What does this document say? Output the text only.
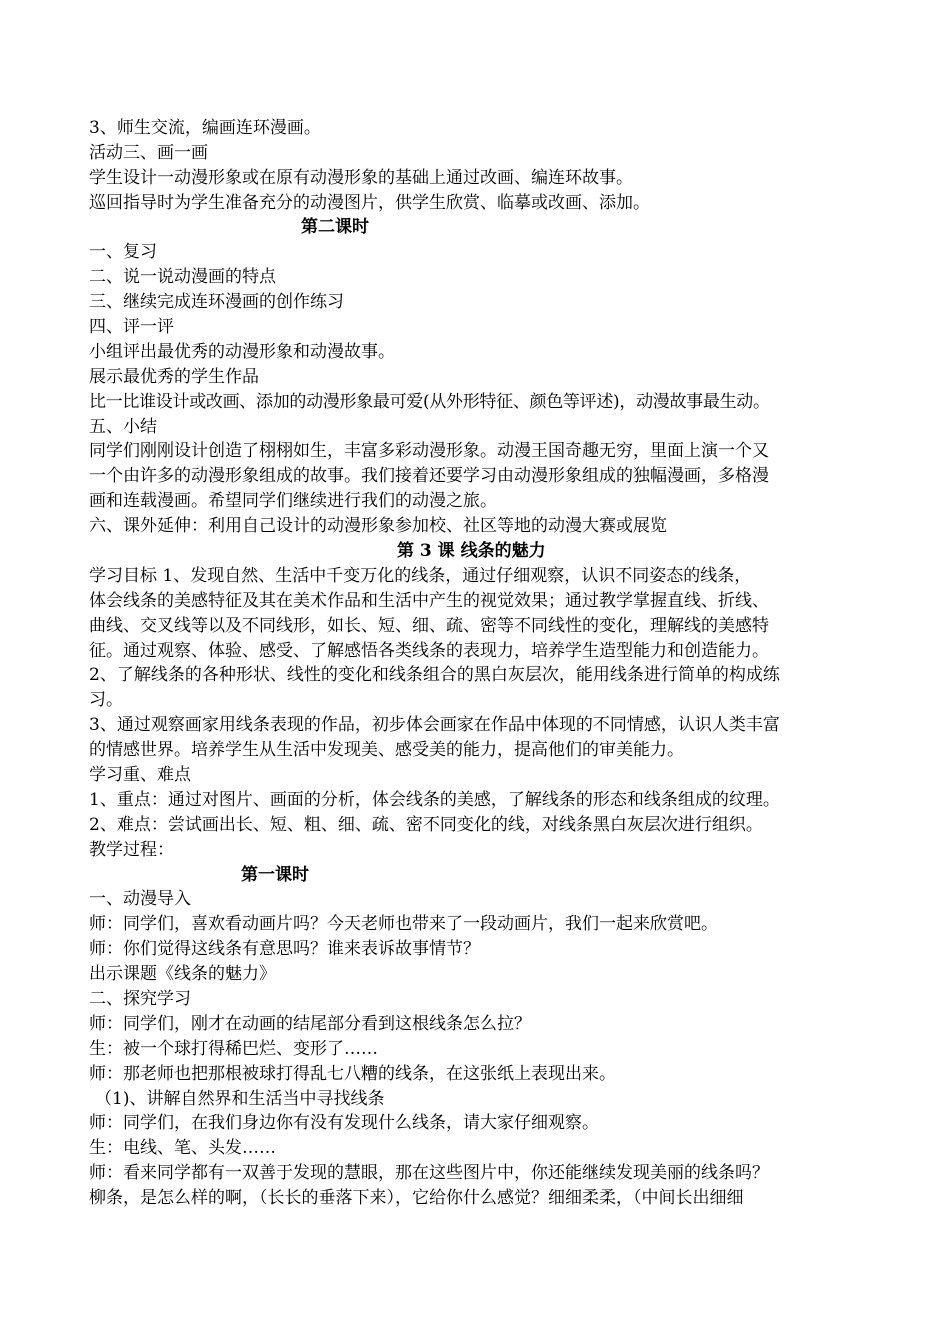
3、师生交流，编画连环漫画。
活动三、画一画
学生设计一动漫形象或在原有动漫形象的基础上通过改画、编连环故事。
巡回指导时为学生准备充分的动漫图片，供学生欣赏、临摹或改画、添加。
第二课时
一、复习
二、说一说动漫画的特点
三、继续完成连环漫画的创作练习
四、评一评
小组评出最优秀的动漫形象和动漫故事。
展示最优秀的学生作品
比一比谁设计或改画、添加的动漫形象最可爱(从外形特征、颜色等评述)，动漫故事最生动。
五、小结
同学们刚刚设计创造了栩栩如生，丰富多彩动漫形象。动漫王国奇趣无穷，里面上演一个又
一个由许多的动漫形象组成的故事。我们接着还要学习由动漫形象组成的独幅漫画，多格漫
画和连载漫画。希望同学们继续进行我们的动漫之旅。
六、课外延伸：利用自己设计的动漫形象参加校、社区等地的动漫大赛或展览
第 3 课 线条的魅力
学习目标 1、发现自然、生活中千变万化的线条，通过仔细观察，认识不同姿态的线条，
体会线条的美感特征及其在美术作品和生活中产生的视觉效果；通过教学掌握直线、折线、
曲线、交叉线等以及不同线形，如长、短、细、疏、密等不同线性的变化，理解线的美感特
征。通过观察、体验、感受、了解感悟各类线条的表现力，培养学生造型能力和创造能力。
2、了解线条的各种形状、线性的变化和线条组合的黑白灰层次，能用线条进行简单的构成练
习。
3、通过观察画家用线条表现的作品，初步体会画家在作品中体现的不同情感，认识人类丰富
的情感世界。培养学生从生活中发现美、感受美的能力，提高他们的审美能力。
学习重、难点
1、重点：通过对图片、画面的分析，体会线条的美感，了解线条的形态和线条组成的纹理。
2、难点：尝试画出长、短、粗、细、疏、密不同变化的线，对线条黑白灰层次进行组织。
教学过程：
第一课时
一、动漫导入
师：同学们，喜欢看动画片吗？今天老师也带来了一段动画片，我们一起来欣赏吧。
师：你们觉得这线条有意思吗？谁来表诉故事情节？
出示课题《线条的魅力》
二、探究学习
师：同学们，刚才在动画的结尾部分看到这根线条怎么拉？
生：被一个球打得稀巴烂、变形了……
师：那老师也把那根被球打得乱七八糟的线条，在这张纸上表现出来。
（1)、讲解自然界和生活当中寻找线条
师：同学们，在我们身边你有没有发现什么线条，请大家仔细观察。
生：电线、笔、头发……
师：看来同学都有一双善于发现的慧眼，那在这些图片中，你还能继续发现美丽的线条吗？
柳条，是怎么样的啊，（长长的垂落下来），它给你什么感觉？细细柔柔，（中间长出细细
